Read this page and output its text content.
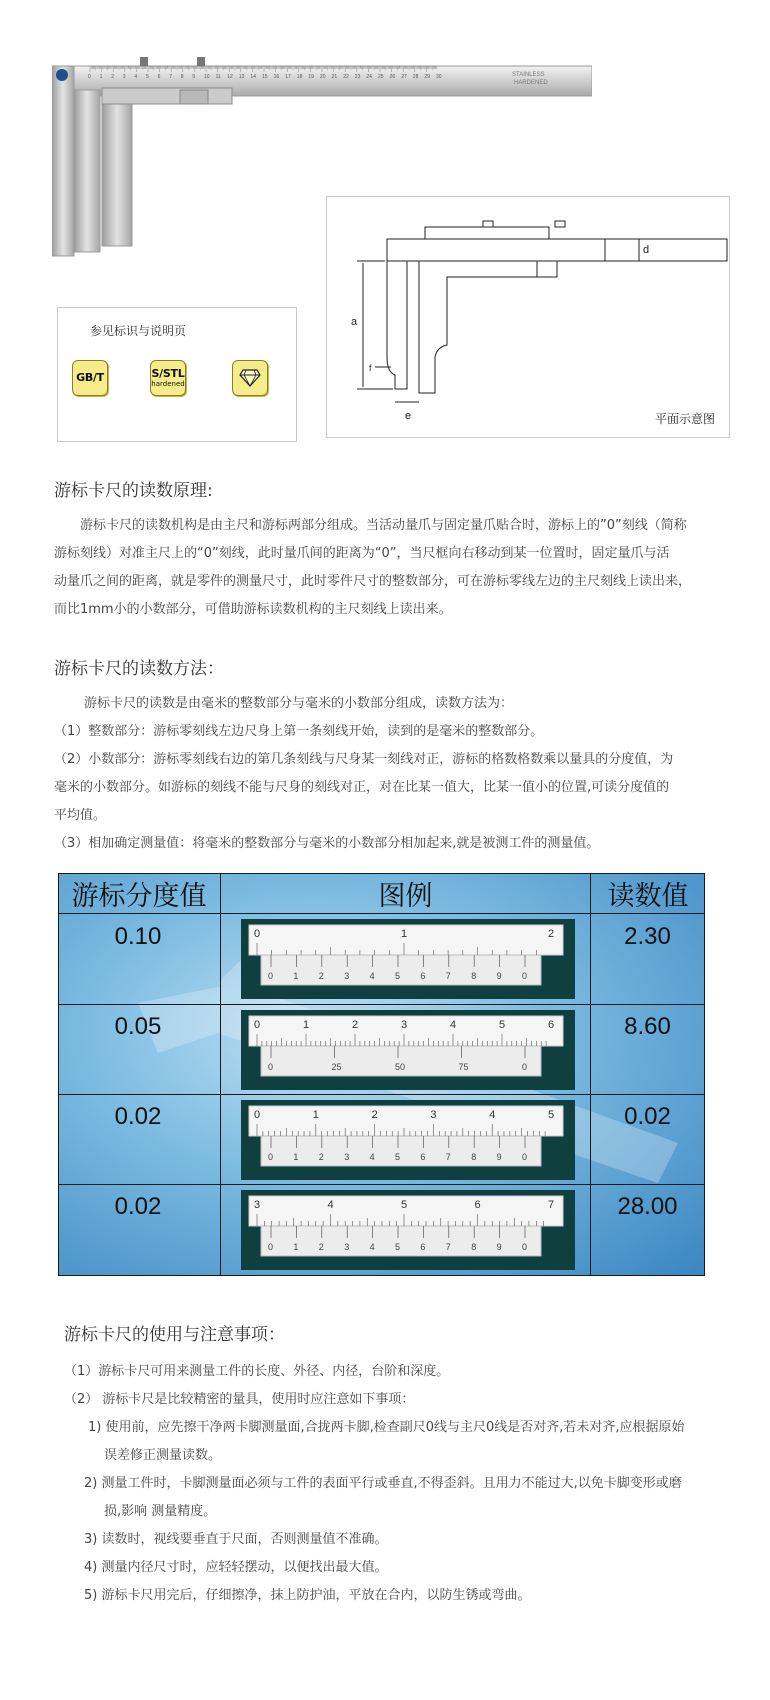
0 1 2 3 4 5 6 7 8 9 10 11 12 13 14 15 16 17 18 19 20 21 22 23 24 25 26 27 28 29 30	STAINLESS
HARDENED
参见标识与说明页
GB/T	S/STL
hardened
a
d
e
f
平面示意图
游标卡尺的读数原理:
游标卡尺的读数机构是由主尺和游标两部分组成。当活动量爪与固定量爪贴合时，游标上的”0”刻线（简称
游标刻线）对准主尺上的“0”刻线，此时量爪间的距离为“0”，当尺框向右移动到某一位置时，固定量爪与活
动量爪之间的距离，就是零件的测量尺寸，此时零件尺寸的整数部分，可在游标零线左边的主尺刻线上读出来，
而比1mm小的小数部分，可借助游标读数机构的主尺刻线上读出来。
游标卡尺的读数方法：
游标卡尺的读数是由毫米的整数部分与毫米的小数部分组成，读数方法为：
（1）整数部分：游标零刻线左边尺身上第一条刻线开始，读到的是毫米的整数部分。
（2）小数部分：游标零刻线右边的第几条刻线与尺身某一刻线对正，游标的格数格数乘以量具的分度值，为
毫米的小数部分。如游标的刻线不能与尺身的刻线对正，对在比某一值大，比某一值小的位置,可读分度值的
平均值。
（3）相加确定测量值：将毫米的整数部分与毫米的小数部分相加起来,就是被测工件的测量值。
游标分度值	图例	读数值
0.10	2.30
0	1	2
0 1 2 3 4 5 6 7 8 9 0
0.05	8.60
0	1	2	3	4	5	6
0	25	50	75	0
0.02	0.02
0	1	2	3	4	5
0 1 2 3 4 5 6 7 8 9 0
0.02	28.00
3	4	5	6	7
0 1 2 3 4 5 6 7 8 9 0
游标卡尺的使用与注意事项：
（1）游标卡尺可用来测量工件的长度、外径、内径，台阶和深度。
（2） 游标卡尺是比较精密的量具，使用时应注意如下事项：
1) 使用前，应先擦干净两卡脚测量面,合拢两卡脚,检查副尺0线与主尺0线是否对齐,若未对齐,应根据原始
误差修正测量读数。
2) 测量工件时，卡脚测量面必须与工件的表面平行或垂直,不得歪斜。且用力不能过大,以免卡脚变形或磨
损,影响 测量精度。
3) 读数时，视线要垂直于尺面，否则测量值不准确。
4) 测量内径尺寸时，应轻轻摆动，以便找出最大值。
5) 游标卡尺用完后，仔细擦净，抹上防护油，平放在合内，以防生锈或弯曲。
